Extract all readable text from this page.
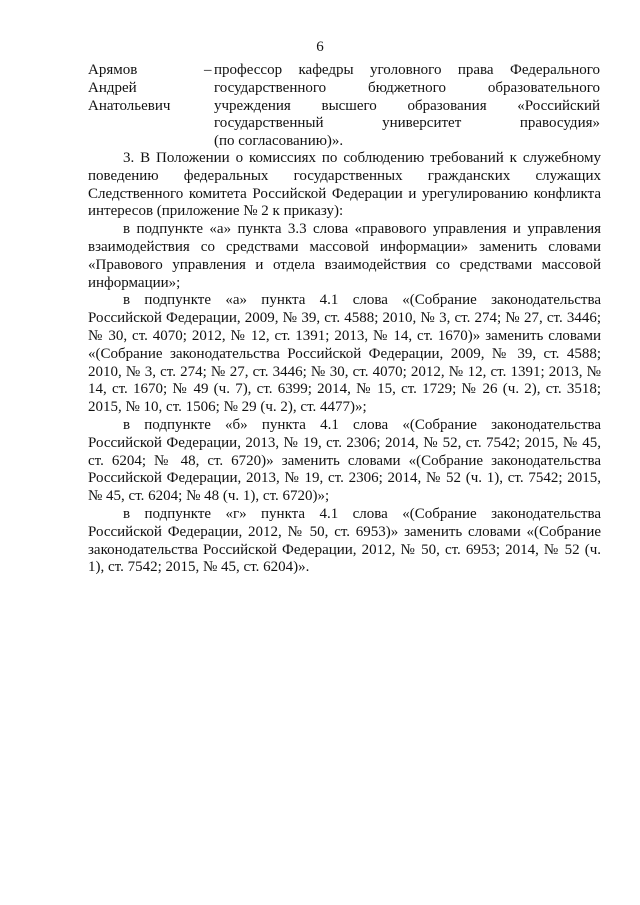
6
Арямов
Андрей
Анатольевич
– профессор кафедры уголовного права Федерального государственного бюджетного образовательного учреждения высшего образования «Российский государственный университет правосудия»
(по согласованию)».

3. В Положении о комиссиях по соблюдению требований к служебному поведению федеральных государственных гражданских служащих Следственного комитета Российской Федерации и урегулированию конфликта интересов (приложение № 2 к приказу):

в подпункте «а» пункта 3.3 слова «правового управления и управления взаимодействия со средствами массовой информации» заменить словами «Правового управления и отдела взаимодействия со средствами массовой информации»;

в подпункте «а» пункта 4.1 слова «(Собрание законодательства Российской Федерации, 2009, № 39, ст. 4588; 2010, № 3, ст. 274; № 27, ст. 3446; № 30, ст. 4070; 2012, № 12, ст. 1391; 2013, № 14, ст. 1670)» заменить словами «(Собрание законодательства Российской Федерации, 2009, № 39, ст. 4588; 2010, № 3, ст. 274; № 27, ст. 3446; № 30, ст. 4070; 2012, № 12, ст. 1391; 2013, № 14, ст. 1670; № 49 (ч. 7), ст. 6399; 2014, № 15, ст. 1729; № 26 (ч. 2), ст. 3518; 2015, № 10, ст. 1506; № 29 (ч. 2), ст. 4477)»;

в подпункте «б» пункта 4.1 слова «(Собрание законодательства Российской Федерации, 2013, № 19, ст. 2306; 2014, № 52, ст. 7542; 2015, № 45, ст. 6204; № 48, ст. 6720)» заменить словами «(Собрание законодательства Российской Федерации, 2013, № 19, ст. 2306; 2014, № 52 (ч. 1), ст. 7542; 2015, № 45, ст. 6204; № 48 (ч. 1), ст. 6720)»;

в подпункте «г» пункта 4.1 слова «(Собрание законодательства Российской Федерации, 2012, № 50, ст. 6953)» заменить словами «(Собрание законодательства Российской Федерации, 2012, № 50, ст. 6953; 2014, № 52 (ч. 1), ст. 7542; 2015, № 45, ст. 6204)».
